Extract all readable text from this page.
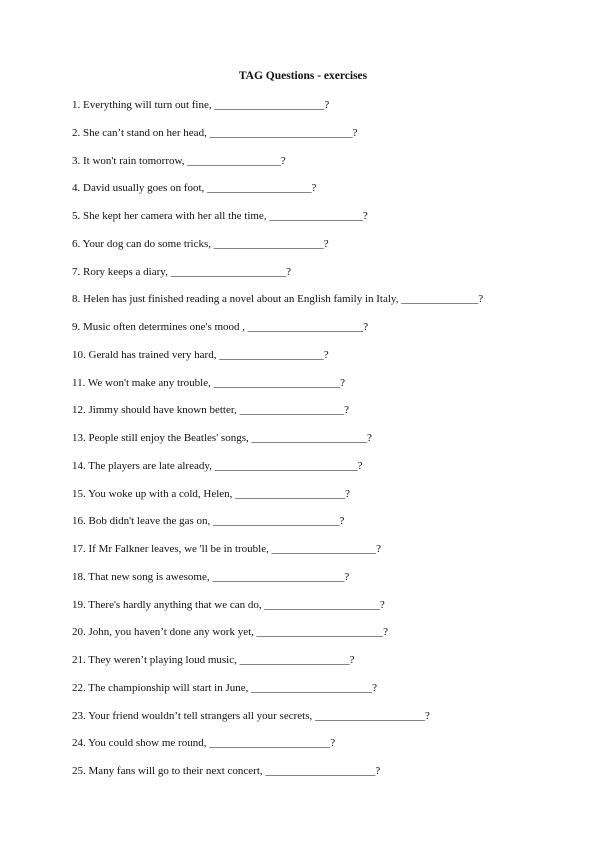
TAG Questions - exercises
1. Everything will turn out fine, ____________________?
2. She can’t stand on her head, __________________________?
3. It won't rain tomorrow, _________________?
4. David usually goes on foot, ___________________?
5. She kept her camera with her all the time, _________________?
6. Your dog can do some tricks, ____________________?
7. Rory keeps a diary, _____________________?
8. Helen has just finished reading a novel about an English family in Italy, ______________?
9. Music often determines one's mood , _____________________?
10. Gerald has trained very hard, ___________________?
11. We won't make any trouble, _______________________?
12. Jimmy should have known better, ___________________?
13. People still enjoy the Beatles' songs, _____________________?
14. The players are late already, __________________________?
15. You woke up with a cold, Helen, ____________________?
16. Bob didn't leave the gas on, _______________________?
17. If Mr Falkner leaves, we 'll be in trouble, ___________________?
18. That new song is awesome, ________________________?
19. There's hardly anything that we can do, _____________________?
20. John, you haven’t done any work yet, _______________________?
21. They weren’t playing loud music, ____________________?
22. The championship will start in June, ______________________?
23. Your friend wouldn’t tell strangers all your secrets, ____________________?
24. You could show me round, ______________________?
25. Many fans will go to their next concert, ____________________?
